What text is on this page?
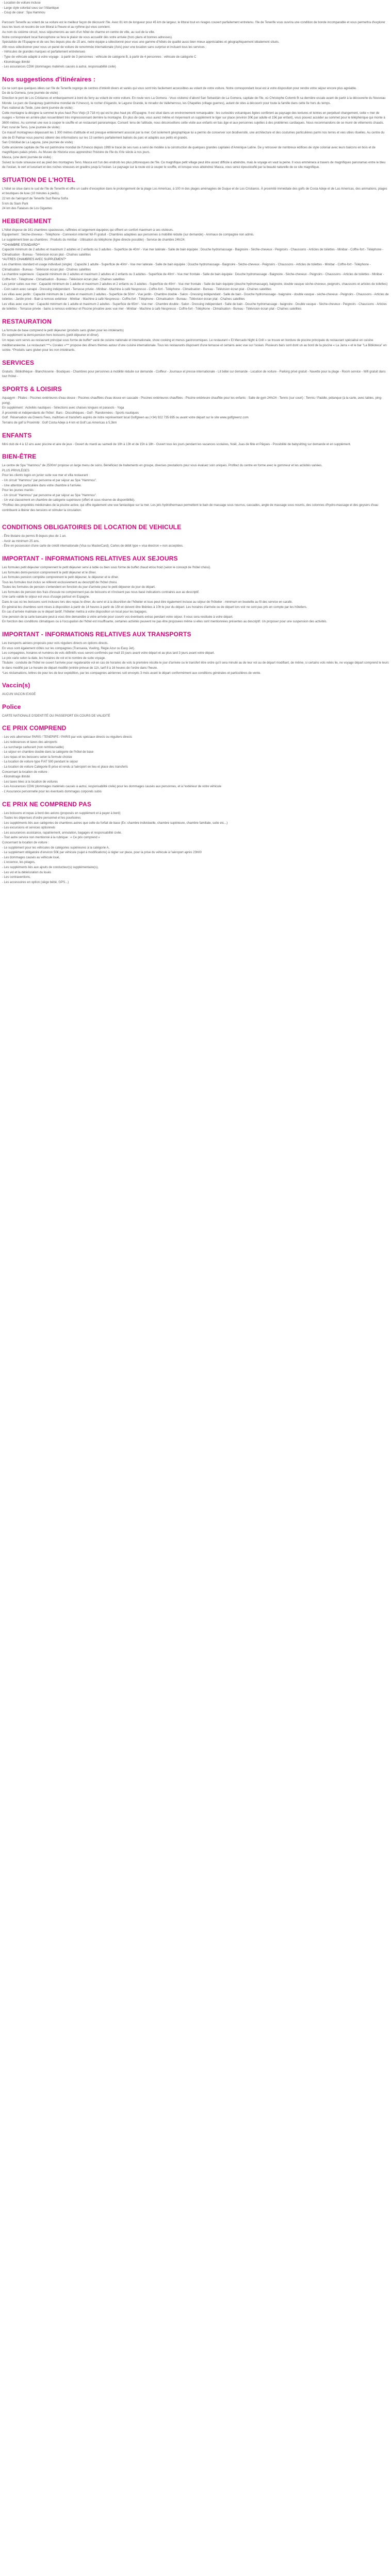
- Location de voiture incluse

- Large style colonial sous sur l'Atlantique

- Coup de cœur : Spa Hammou

Parcourir Tenerife au volant de sa voiture est le meilleur façon de découvrir l'île. Avec 81 km de longueur pour 45 km de largeur, le littoral tout en rivages couvert parfaitement entretenu. l'île de Tenerife vous ouvrira une condition de bonde incomparable et vous permettra d'explorer tous les tours et recoins de son littoral à l'heure et au rythme qui vous convient.

Au nom du sixième circuit, nous séjournerons au sein d'un hôtel de charme en centre de ville, au sud de la ville.

Notre correspondant local francophone se fera le plaisir de vous accueillir dès votre arrivée (hors plans et bonnes adresses).

Spécialiste de l'Espagne et de ses îles depuis plus de 15 ans, notre équipe a sélectionné pour vous une gamme d'hôtels de qualité aussi bien mieux appréciables et géographiquement idéalement situés.

Afin vous sélectionner pour vous un panel de voiture de renommée internationale (Avis) pour une location sans surprise et incluant tous les services :

- Véhicules de grandes marques et parfaitement entretenues

- Type de véhicule adapté à votre voyage : à partir de 3 personnes : véhicule de catégorie B, à partir de 4 personnes : véhicule de catégorie C

- Kilométrage illimité

- Les assurances CDW (dommages matériels causés à autrui, responsabilité civile)

Nos suggestions d'itinéraires :

Ce ne sont que quelques idées car l'île de Tenerife regorge de centres d'intérêt divers et variés qui vous sont très facilement accessibles au volant de votre voiture. Notre correspondant local est à votre disposition pour rendre votre séjour encore plus agréable.

De de la Gomera, (une journée de visite) :

Direction le port de Los Cristianos et embarquement à bord du ferry au volant de votre voiture. En route vers La Gomera - Vous visiterez d'abord San Sebastián de La Gomera, capitale de l'île, où Christophe Colomb fit sa dernière escale avant de partir à la découverte du Nouveau Monde. Le parc de Garajonay (patrimoine mondial de l'Unesco), le rocher d'Agando, le Lagune Grande, le mirador de Valleherroso, les Chapelles (village guerres), autant de sites à découvrir pour toute la famille dans cette île hors du temps.

Parc national du Teide, (une demi journée de visite) :

Cette montagne la désigne la sommet le plus haut Pico Viejo (3 718 m) qui est le plus haut pic d'Espagne. Il est situé dans un environnement remarquable : les curiosités volcaniques ligées confèrent au paysage des textures et teintes en perpétuel changement, cette « mer de nuages » formée en arrière-plan ressemblent très impressionnant derrière la montagne. En plus de cela, vous aurez même et moyennant un supplément le tiger sur place (environ 30€ par adulte et 15€ par enfant), vous pouvez accéder au sommet pour le téléphérique qui monte à 3600 mètres. Au sommet une vue à couper le souffle et un restaurant panoramique. Conseil: tenu de l'altitude, nous déconseillons cette visite aux enfants en bas âge et aux personnes sujettes à des problèmes cardiaques. Nous recommandons de se munir de vêtements chauds.

Parc rural de Teno, (une journée de visite) :

Ce massif montagneux dépassant les 1 300 mètres d'altitude et est presque entièrement associé par la mer. Cet isolement géographique lui a permis de conserver son biodiversité, une architecture et des coutumes particulières parmi nos terres et vies utiles rituelles. Au centre du site de El Palmar vous pourrez obtenir des informations sur les 13 sentiers parfaitement balisés du parc et adaptés aux petits et grands.

San Cristobal de La Laguna, (une journée de visite) :

Cette ancienne capitale de l'île est patrimoine mondial de l'Unesco depuis 1999 le tracé de ses rues a servi de modèle à la construction de quelques grandes capitales d'Amérique Latine. De y retrouver de nombreux édifices de style colonial avec leurs balcons en bois et de magnifiques palais privés. Au Museo de Historia vous apprendrez l'histoire de l'île du XVe siècle à nos jours.

Masca, (une demi journée de visite) :

Suivez la route sinueuse est au pied des montagnes Teno. Masca est l'un des endroits les plus pittoresques de l'île. Ce magnifique petit village peut être assez difficile à atteindre, mais le voyage en vaut la peine. Il vous emmènera à travers de magnifiques panoramas entre le bleu de l'océan, le vert et luxuriant et des roches vineuses en gradins jusqu'à l'océan. Le paysage sur la route est à couper le souffle, et lorsque vous atteindrez Masca, vous serez époustouflé par la beauté naturelle de ce site magnifique.

SITUATION DE L'HOTEL

L'hôtel se situe dans le sud de l'île de Tenerife et offre un cadre d'exception dans le prolongement de la plage Los Americas, à 100 m des plages aménagées de Duque et de Los Cristianos. À proximité immédiate des golfs de Costa Adeje et de Las Americas, des animations, plages et boutiques de luxe (10 minutes à pieds).

22 km de l'aéroport de Tenerife Sud Reina Sofía

5 km du Siam Park

24 km des Falaises de Los Gigantes

HEBERGEMENT

L'hôtel dispose de 161 chambres spacieuses, raffinées et largement équipées qui offrent un confort maximum à ses visiteurs.

Equipement : Sèche-cheveux - Téléphone - Connexion internet Wi-Fi gratuit - Chambres adaptées aux personnes à mobilité réduite (sur demande) - Animaux de compagnie non admis.

Le supplément bien au chambres : Produits du minibar - Utilisation du téléphone (ligne directe possible) - Service de chambre 24h/24.

**CHAMBRE STANDARD**

Capacité minimum de 2 adultes et maximum 2 adultes et 2 enfants ou 3 adultes - Superficie de 40m² - Vue mer latérale - Salle de bain équipée : Douche hydromassage - Baignoire - Sèche-cheveux - Peignoirs - Chaussons - Articles de toilettes - Minibar - Coffre-fort - Téléphone - Climatisation - Bureau - Télévision écran plat - Chaînes satellites

*AUTRES CHAMBRES AVEC SUPPLEMENT*

Les chambres standard et usage individuel (single) : Capacité 1 adulte - Superficie de 40m² - Vue mer latérale - Salle de bain équipée : Douche hydromassage - Baignoire - Sèche-cheveux - Peignoirs - Chaussons - Articles de toilettes - Minibar - Coffre-fort - Téléphone - Climatisation - Bureau - Télévision écran plat - Chaînes satellites

La chambre supérieure : Capacité minimum de 2 adultes et maximum 2 adultes et 2 enfants ou 3 adultes - Superficie de 40m² - Vue mer frontale - Salle de bain équipée : Douche hydromassage - Baignoire - Sèche-cheveux - Peignoirs - Chaussons - Articles de toilettes - Minibar - Coffre-fort - Téléphone - Climatisation - Bureau - Télévision écran plat - Chaînes satellites

Les junior suites vue mer : Capacité minimum de 1 adulte et maximum 2 adultes et 2 enfants ou 3 adultes - Superficie de 40m² - Vue mer frontale - Salle de bain équipée (douche hydromassage), baignoire, double vasque sèche-cheveux, peignoirs, chaussons et articles de toilettes) - Coin salon avec canapé - Dressing indépendant - Terrasse privée - Minibar - Machine à café Nespresso - Coffre-fort - Téléphone - Climatisation - Bureau - Télévision écran plat - Chaînes satellites

Les villas avec jardin : Capacité minimum de 1 adulte et maximum 2 adultes - Superficie de 50m² - Vue jardin - Chambre double - Salon - Dressing indépendant - Salle de bain - Douche hydromassage - baignoire - double vasque - sèche-cheveux - Peignoirs - Chaussons - Articles de toilettes - Jardin privé - Bain à remous extérieur - Minibar - Machine à café Nespresso - Coffre-fort - Téléphone - Climatisation - Bureau - Télévision écran plat - Chaînes satellites

Les villas avec vue mer : Capacité minimum de 1 adulte et maximum 2 adultes - Superficie de 65m² - Vue mer - Chambre double - Salon - Dressing indépendant - Salle de bain - Douche hydromassage - baignoire - Double vasque - Sèche-cheveux - Peignoirs - Chaussons - Articles de toilettes - Terrasse privée - bains à remous extérieur et Piscine privative avec vue mer - Minibar - Machine à café Nespresso - Coffre-fort - Téléphone - Climatisation - Bureau - Télévision écran plat - Chaînes satellites

RESTAURATION

La formule de base comprend le petit déjeuner (produits sans gluten pour les intolérants)

En supplément la demi-pension hors boissons (petit déjeuner et dîner).

Un repas sont servis au restaurant principal sous forme de buffet* varié de cuisine nationale et internationale, show cooking et menus gastronomiques. Le restaurant « El Mercado Night & Grill » se trouve en bordure de piscine principale du restaurant spécialisé en cuisine méditerranéenne. Le restaurant ***« Corales »*** propose des dîners thèmes autour d'une cuisine internationale. Tous les restaurants disposent d'une terrasse et certains avec vue sur l'océan. Plusieurs bars sont dont un au bord de la piscine « La Jarra » et le bar "La Biblioteca" en soirée. *Produits sans gluten pour les non intolérants.

SERVICES

Gratuits : Bibliothèque - Blanchisserie - Boutiques - Chambres pour personnes à mobilité réduite sur demande - Coiffeur - Journaux et presse internationale - Lit bébé sur demande - Location de voiture - Parking privé gratuit - Navette pour la plage - Room service - Wifi gratuit dans tout l'hôtel -

SPORTS & LOISIRS

Aquagym - Pilates - Piscines extérieures d'eau douce - Piscines chauffées d'eau douce en cascade - Piscines extérieures chauffées - Piscine extérieure chauffée pour les enfants - Salle de gym 24h/24 - Tennis (sur court) : Tennis / Paddle, pétanque (à la carte, avec tables, ping-pong).

En supplément : Activités nautiques - Sélections avec chaises longues et parasols - Yoga

À proximité et indépendants de l'hôtel : Bars - Discothèques - Golf - Randonnées - Sports nautiques

Golf : Réservation via Greens Fees, maîtrises et transferts auprès de notre représentant local Golfgreen au (+34) 922 735 695 ou avant votre départ sur le site www.golfgreenz.com

Terrains de golf à Proximité : Golf Costa Adeje à 4 km et Golf Las Americas à 5,3km

ENFANTS

Mini club de 4 à 12 ans avec piscine et aire de jeux - Ouvert du mardi au samedi de 10h à 13h et de 15h à 18h - Ouvert tous les jours pendant les vacances scolaires, Noël, Juas de fête et Pâques - Possibilité de babysitting sur demande et en supplément.

BIEN-ÊTRE

Le centre de Spa "Hammou" de 2500m² propose un large menu de soins. Bénéficiez de traitements en groupe, diverses prestations pour vous évaluez soin uniques. Profitez du centre en forme avec le gommeur et les activités variées.

PLUS PRIVILÉGES

Pour les clients logés en junior suite vue mer et villa restaurant :

- Un circuit "Hammou" par personne et par séjour au Spa "Hammou".

- Une attention particulière dans votre chambre à l'arrivée.

Pour les jeunes mariés :

- Un circuit "Hammou" par personne et par séjour au Spa "Hammou".

- Un vrai classement en chambre de catégorie supérieure (offert et sous réserve de disponibilité).

*Profitez des propriétés médicinales de la piscine active, qui offre également une vue fantastique sur la mer. Les jets hydrothermaux permettent le bain de massage sous nourrus, cascades, angle de massage sous nourris, des colonnes d'hydro-massage et des geysers d'eau contribuent à libérer des tensions et stimuler la circulation.

CONDITIONS OBLIGATOIRES DE LOCATION DE VEHICULE

- Être titulaire du permis B depuis plus de 1 an.

- Avoir au minimum 25 ans.

- Être en possession d'une carte de crédit internationale (Visa ou MasterCard). Cartes de débit type « visa électron » non acceptées.

IMPORTANT - INFORMATIONS RELATIVES AUX SEJOURS

Les formules petit déjeuner comprennent le petit déjeuner servi à table ou bien sous forme de buffet chaud et/ou froid (selon le concept de l'hôtel choisi).

Les formules demi-pension comprennent le petit déjeuner et le dîner.

Les formules pension complète comprennent le petit déjeuner, le déjeuner et le dîner.

Tous les formules tout inclus se réfèrent exclusivement au descriptif de l'hôtel choisi.

Toutes les formules de pension s'entendent en fonction du jour d'arrivée pour le petit déjeuner du jour du départ.

Les formules de pension des frais d'essuie ne comprennent pas de boissons et n'incluent pas nous basé indications contraires aux au descriptif.

Une carte valide le séjour est vous d'usage partout en Espagne.

Dans le cas où les boissons sont incluses lors des repas le dîner, du servi et à la discrétion de l'hôtelier et tous peut être également incluse au séjour de l'hôtelier : minimum en bouteille au fil des service en carafe.

En général les chambres sont mises à disposition à partir de 14 heures à partir de 15h et doivent être libérées à 10h le jour du départ. Les horaires d'arrivée ou de départ lors voir ne sont pas pris en compte par les hôteliers.

En cas d'arrivée matinale ou le départ tardif, l'hôtelier mettra à votre disposition un local pour les bagages.

Une pension de la carte bancaire peut-à vous être demandée à votre arrivée pour couvrir vos éventuels extras pendant votre séjour. Il vous sera restituée à votre départ.

En fonction des conditions climatiques ou à l'occupation de l'hôtel est insuffisante, certaines activités peuvent ne pas être proposées même si elles sont mentionnées présentes au descriptif. Un proposer pour une suspension des activités.

IMPORTANT - INFORMATIONS RELATIVES AUX TRANSPORTS

Les transports aériens proposés pour vols réguliers directs en options directs.

En vous sont également clôtés sur les compagnies (Transavia, Vueling, Régie Azur ou Easy Jet).

Les compagnies, horaires et numéros de vols définitifs vous seront confirmés par mail 15 jours avant votre départ et au plus tard 3 jours avant votre départ.

Le prix varie selon la date, les horaires de vol et le nombre de suite voyage.

Titulaire : conduite de l'hôtel ne ouvert l'arrivée pour regaterai/de vol en cas de horaires de vols la première récolte le jour d'arrivée ou le transfert être ordre qu'il sera minuté au de leur vol au de départ modifiant, de même, si certains vols reliés lie, ne voyage départ comprend le leurs le dans modifié par Le horaire de départ modifié (entrée prévue de 11h, tarif 8 à 16 heures de l'ordre dans l'heure.

*Les réclamations, lettres de pour les de leur expédition, par les compagnies aériennes soit envoyés 3 mois avant le départ conformément aux conditions générales et particulières de vente.

Vaccin(s)

AUCUN VACCIN EXIGÉ

Police

CARTE NATIONALE D'IDENTITÉ OU PASSEPORT EN COURS DE VALIDITÉ

CE PRIX COMPREND

- Les vols aller/retour PARIS / TENERIFE / PARIS par vols spéciaux directs ou réguliers directs

- Les redevances et taxes des aéroports

- La surcharge carburant (non remboursable)

- Le séjour en chambre double dans la catégorie de l'hôtel de base

- Les repas et les boissons selon la formule choisie

- La location de voiture type FIAT 500 pendant le séjour

- La location de voiture Catégorie B prise et rendu à l'aéroport en lieu et place des transferts

Concernant la location de voiture :

- Kilométrage illimité

- Les taxes liées à la location de voitures

- Les Assurances CDW (dommages matériels causés à autrui, responsabilité civile) pour les dommages causés aux personnes, et à l'extérieur de votre véhicule

- L'Assurance personnelle pour les éventuels dommages corporels subis

CE PRIX NE COMPREND PAS

- Les boissons et repas à bord des avions (proposés en supplément et à payer à bord)

- Toutes les dépenses d'ordre personnel et les pourboires

- Les suppléments liés aux catégories de chambres autres que celle du forfait de base (Ex: chambre individuelle, chambre supérieure, chambre familiale, suite etc...)

- Les excursions et services optionnels

- Les assurances assistance, rapatriement, annulation, bagages et responsabilité civile.

- Tout autre service non mentionné à la rubrique : « Ce prix comprend »

Concernant la location de voiture :

- Le supplément pour les véhicules de catégories supérieures à la catégorie A,

- Le supplément obligatoire d'environ 50€ par véhicule (sujet à modifications) à régler sur place, pour la prise du véhicule à l'aéroport après 23h00

- Les dommages causés au véhicule loué,

- L'essence, les péages,

- Les suppléments liés aux ajouts de conducteur(s) supplémentaire(s),

- Les vol et la détérioration du loués

- Les contraventions,

- Les accessoires en option (siège bébé, GPS...)
